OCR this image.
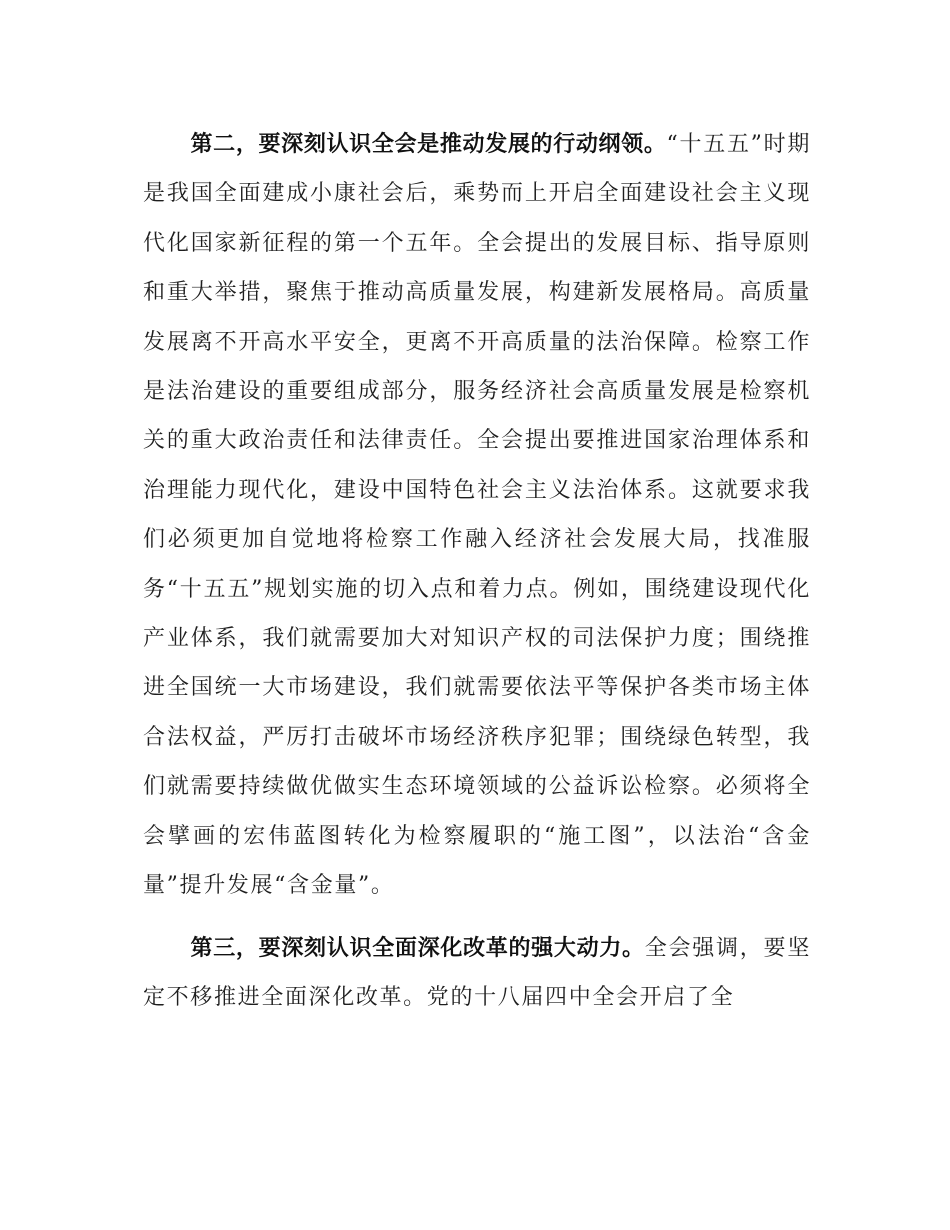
第二，要深刻认识全会是推动发展的行动纲领。“十五五”时期是我国全面建成小康社会后，乘势而上开启全面建设社会主义现代化国家新征程的第一个五年。全会提出的发展目标、指导原则和重大举措，聚焦于推动高质量发展，构建新发展格局。高质量发展离不开高水平安全，更离不开高质量的法治保障。检察工作是法治建设的重要组成部分，服务经济社会高质量发展是检察机关的重大政治责任和法律责任。全会提出要推进国家治理体系和治理能力现代化，建设中国特色社会主义法治体系。这就要求我们必须更加自觉地将检察工作融入经济社会发展大局，找准服务“十五五”规划实施的切入点和着力点。例如，围绕建设现代化产业体系，我们就需要加大对知识产权的司法保护力度；围绕推进全国统一大市场建设，我们就需要依法平等保护各类市场主体合法权益，严厉打击破坏市场经济秩序犯罪；围绕绿色转型，我们就需要持续做优做实生态环境领域的公益诉讼检察。必须将全会擘画的宏伟蓝图转化为检察履职的“施工图”，以法治“含金量”提升发展“含金量”。

第三，要深刻认识全面深化改革的强大动力。全会强调，要坚定不移推进全面深化改革。党的十八届四中全会开启了全
